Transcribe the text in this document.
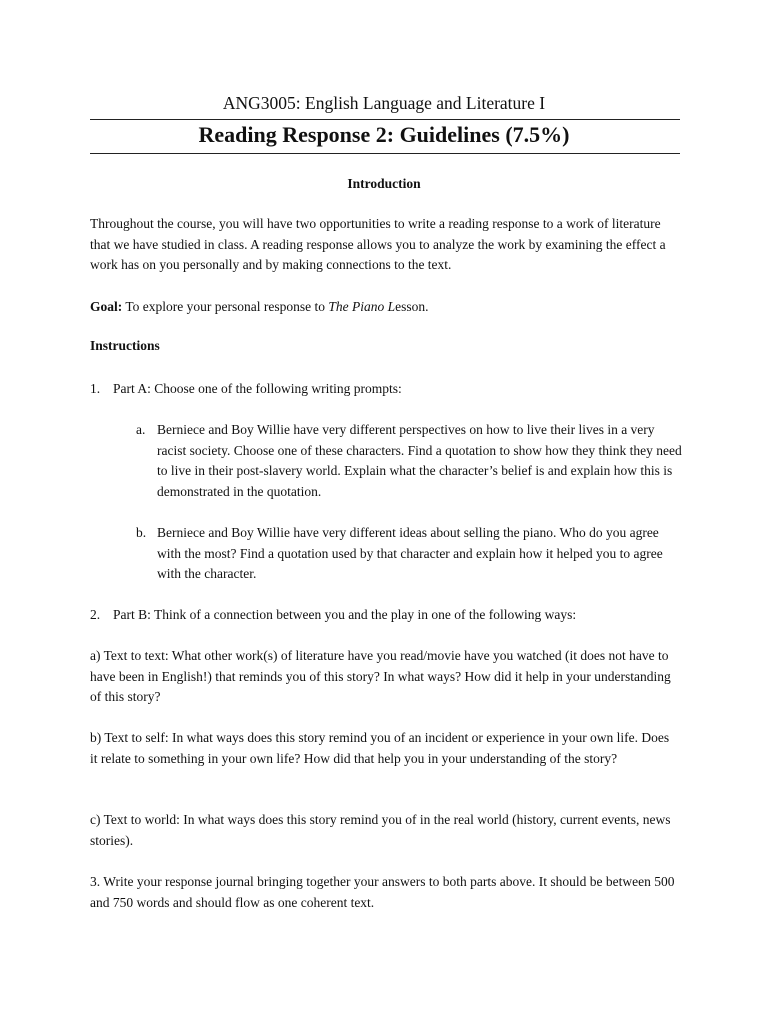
ANG3005: English Language and Literature I
Reading Response 2: Guidelines (7.5%)
Introduction
Throughout the course, you will have two opportunities to write a reading response to a work of literature that we have studied in class. A reading response allows you to analyze the work by examining the effect a work has on you personally and by making connections to the text.
Goal: To explore your personal response to The Piano Lesson.
Instructions
1. Part A: Choose one of the following writing prompts:
a. Berniece and Boy Willie have very different perspectives on how to live their lives in a very racist society. Choose one of these characters. Find a quotation to show how they think they need to live in their post-slavery world. Explain what the character’s belief is and explain how this is demonstrated in the quotation.
b. Berniece and Boy Willie have very different ideas about selling the piano. Who do you agree with the most? Find a quotation used by that character and explain how it helped you to agree with the character.
2. Part B: Think of a connection between you and the play in one of the following ways:
a) Text to text: What other work(s) of literature have you read/movie have you watched (it does not have to have been in English!) that reminds you of this story? In what ways? How did it help in your understanding of this story?
b) Text to self: In what ways does this story remind you of an incident or experience in your own life. Does it relate to something in your own life? How did that help you in your understanding of the story?
c) Text to world: In what ways does this story remind you of in the real world (history, current events, news stories).
3. Write your response journal bringing together your answers to both parts above. It should be between 500 and 750 words and should flow as one coherent text.
